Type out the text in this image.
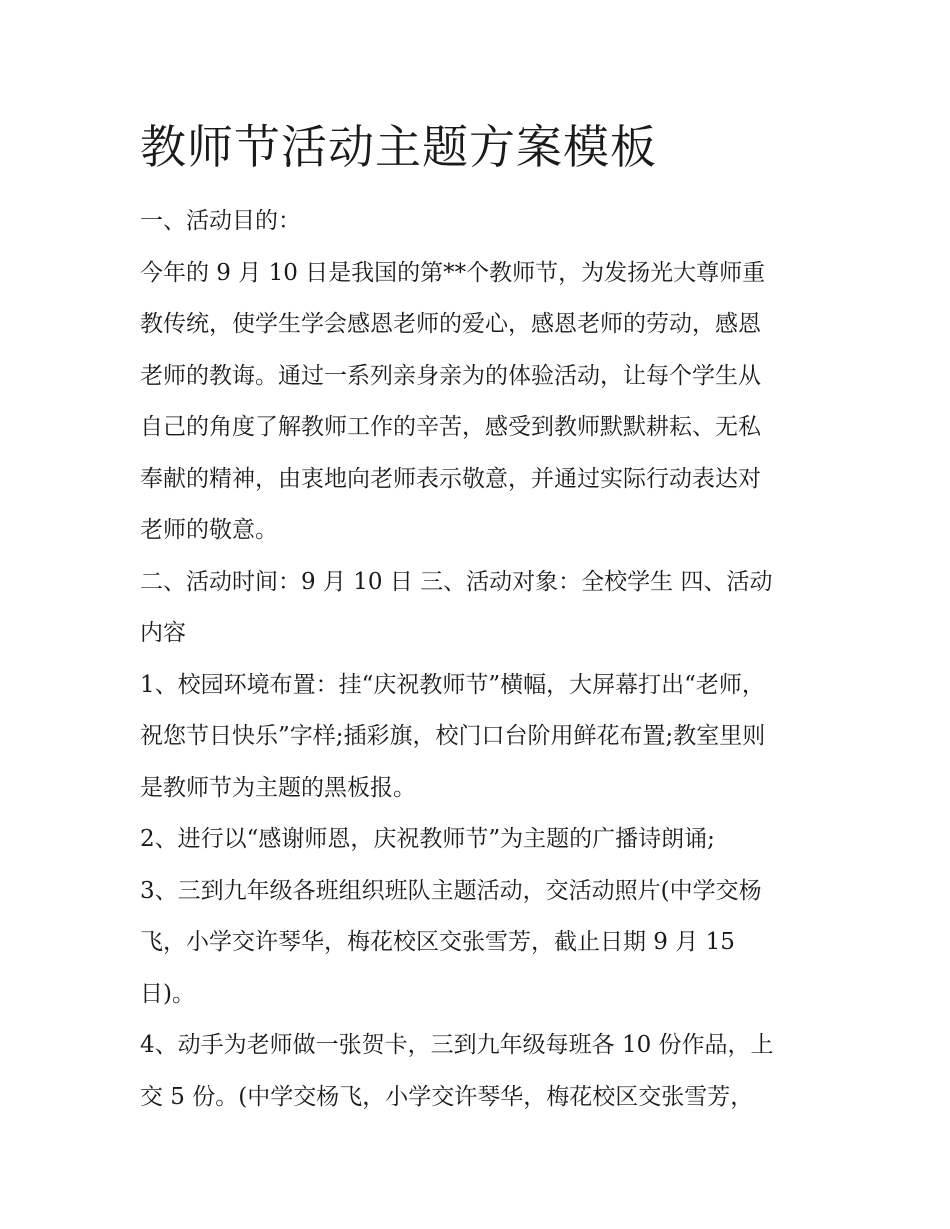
教师节活动主题方案模板

一、活动目的：

今年的 9 月 10 日是我国的第**个教师节，为发扬光大尊师重

教传统，使学生学会感恩老师的爱心，感恩老师的劳动，感恩

老师的教诲。通过一系列亲身亲为的体验活动，让每个学生从

自己的角度了解教师工作的辛苦，感受到教师默默耕耘、无私

奉献的精神，由衷地向老师表示敬意，并通过实际行动表达对

老师的敬意。

二、活动时间：9 月 10 日 三、活动对象：全校学生 四、活动

内容

1、校园环境布置：挂“庆祝教师节”横幅，大屏幕打出“老师，

祝您节日快乐”字样;插彩旗，校门口台阶用鲜花布置;教室里则

是教师节为主题的黑板报。

2、进行以“感谢师恩，庆祝教师节”为主题的广播诗朗诵;

3、三到九年级各班组织班队主题活动，交活动照片(中学交杨

飞，小学交许琴华，梅花校区交张雪芳，截止日期 9 月 15

日)。

4、动手为老师做一张贺卡，三到九年级每班各 10 份作品，上

交 5 份。(中学交杨飞，小学交许琴华，梅花校区交张雪芳，
